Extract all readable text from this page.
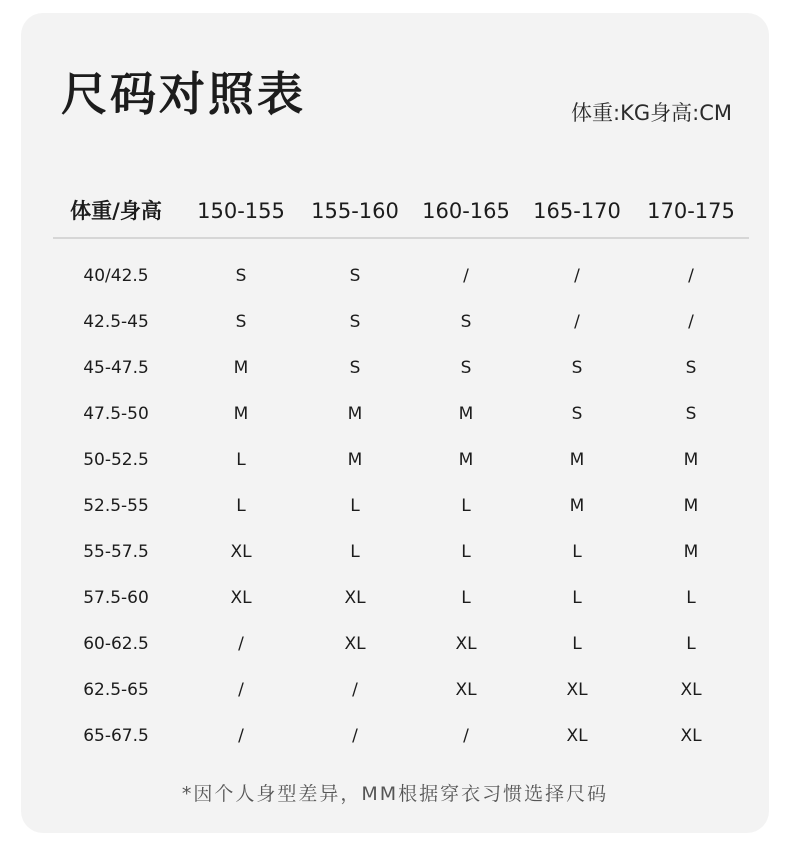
尺码对照表	体重:KG身高:CM
体重/身高	150-155	155-160	160-165	165-170	170-175
40/42.5	S	S	/	/	/
42.5-45	S	S	S	/	/
45-47.5	M	S	S	S	S
47.5-50	M	M	M	S	S
50-52.5	L	M	M	M	M
52.5-55	L	L	L	M	M
55-57.5	XL	L	L	L	M
57.5-60	XL	XL	L	L	L
60-62.5	/	XL	XL	L	L
62.5-65	/	/	XL	XL	XL
65-67.5	/	/	/	XL	XL
*因个人身型差异，MM根据穿衣习惯选择尺码
